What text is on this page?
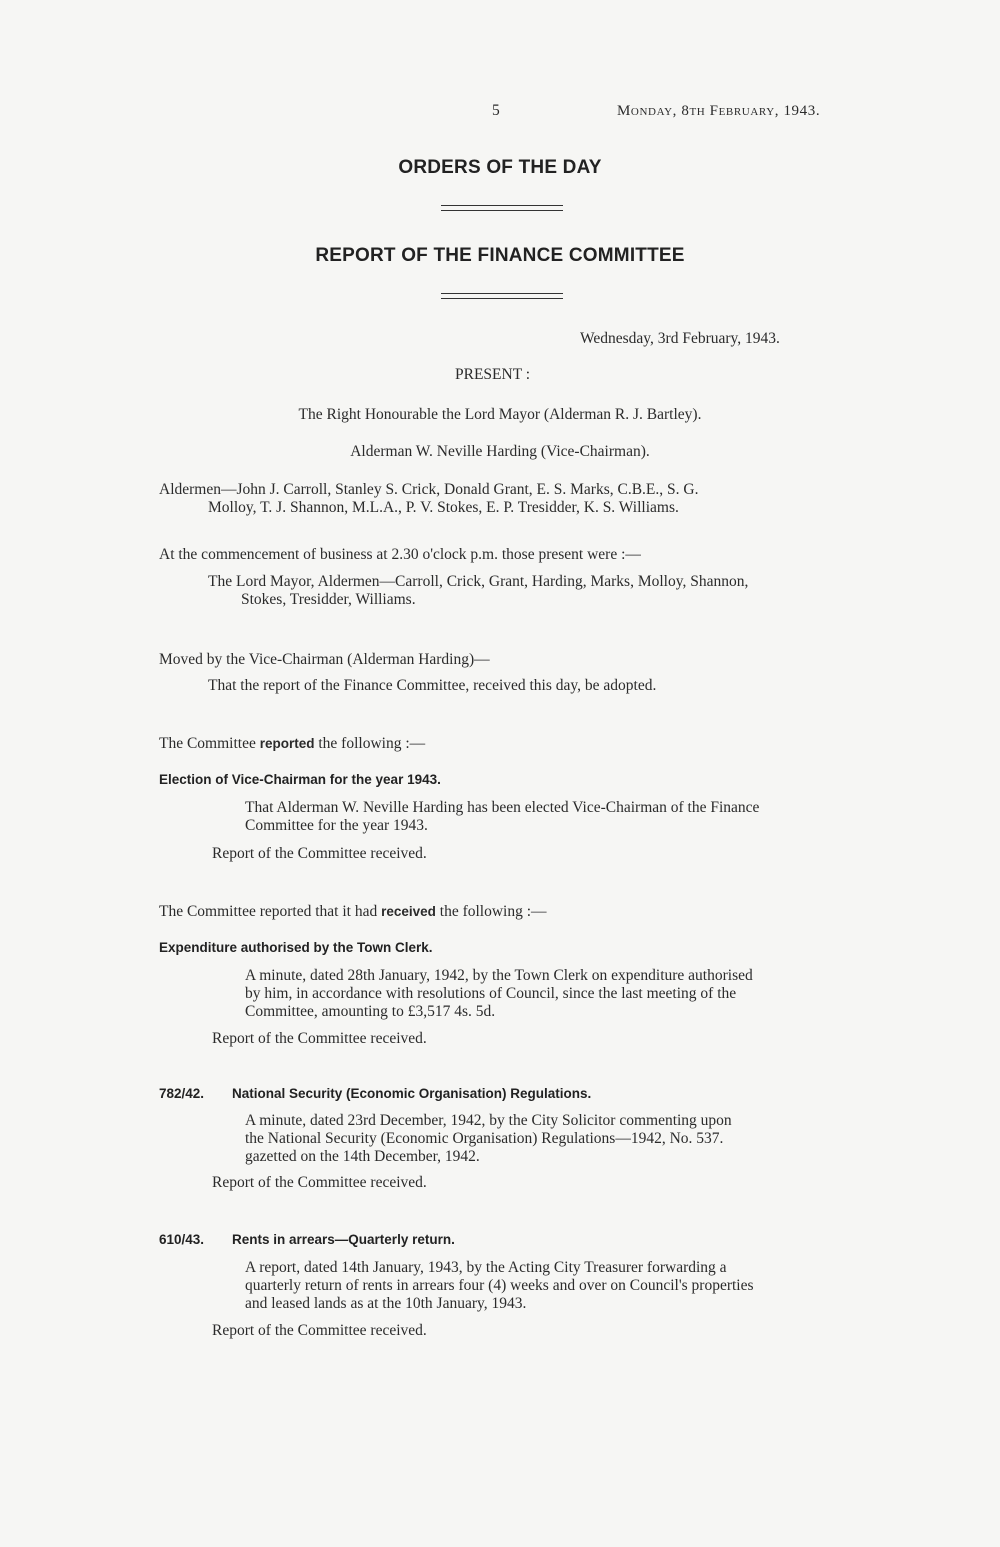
5	Monday, 8th February, 1943.
ORDERS OF THE DAY
REPORT OF THE FINANCE COMMITTEE
Wednesday, 3rd February, 1943.
PRESENT :
The Right Honourable the Lord Mayor (Alderman R. J. Bartley).
Alderman W. Neville Harding (Vice-Chairman).
Aldermen—John J. Carroll, Stanley S. Crick, Donald Grant, E. S. Marks, C.B.E., S. G.
Molloy, T. J. Shannon, M.L.A., P. V. Stokes, E. P. Tresidder, K. S. Williams.
At the commencement of business at 2.30 o'clock p.m. those present were :—
The Lord Mayor, Aldermen—Carroll, Crick, Grant, Harding, Marks, Molloy, Shannon,
Stokes, Tresidder, Williams.
Moved by the Vice-Chairman (Alderman Harding)—
That the report of the Finance Committee, received this day, be adopted.
The Committee reported the following :—
Election of Vice-Chairman for the year 1943.
That Alderman W. Neville Harding has been elected Vice-Chairman of the Finance
Committee for the year 1943.
Report of the Committee received.
The Committee reported that it had received the following :—
Expenditure authorised by the Town Clerk.
A minute, dated 28th January, 1942, by the Town Clerk on expenditure authorised
by him, in accordance with resolutions of Council, since the last meeting of the
Committee, amounting to £3,517 4s. 5d.
Report of the Committee received.
782/42. National Security (Economic Organisation) Regulations.
A minute, dated 23rd December, 1942, by the City Solicitor commenting upon
the National Security (Economic Organisation) Regulations—1942, No. 537.
gazetted on the 14th December, 1942.
Report of the Committee received.
610/43. Rents in arrears—Quarterly return.
A report, dated 14th January, 1943, by the Acting City Treasurer forwarding a
quarterly return of rents in arrears four (4) weeks and over on Council's properties
and leased lands as at the 10th January, 1943.
Report of the Committee received.
